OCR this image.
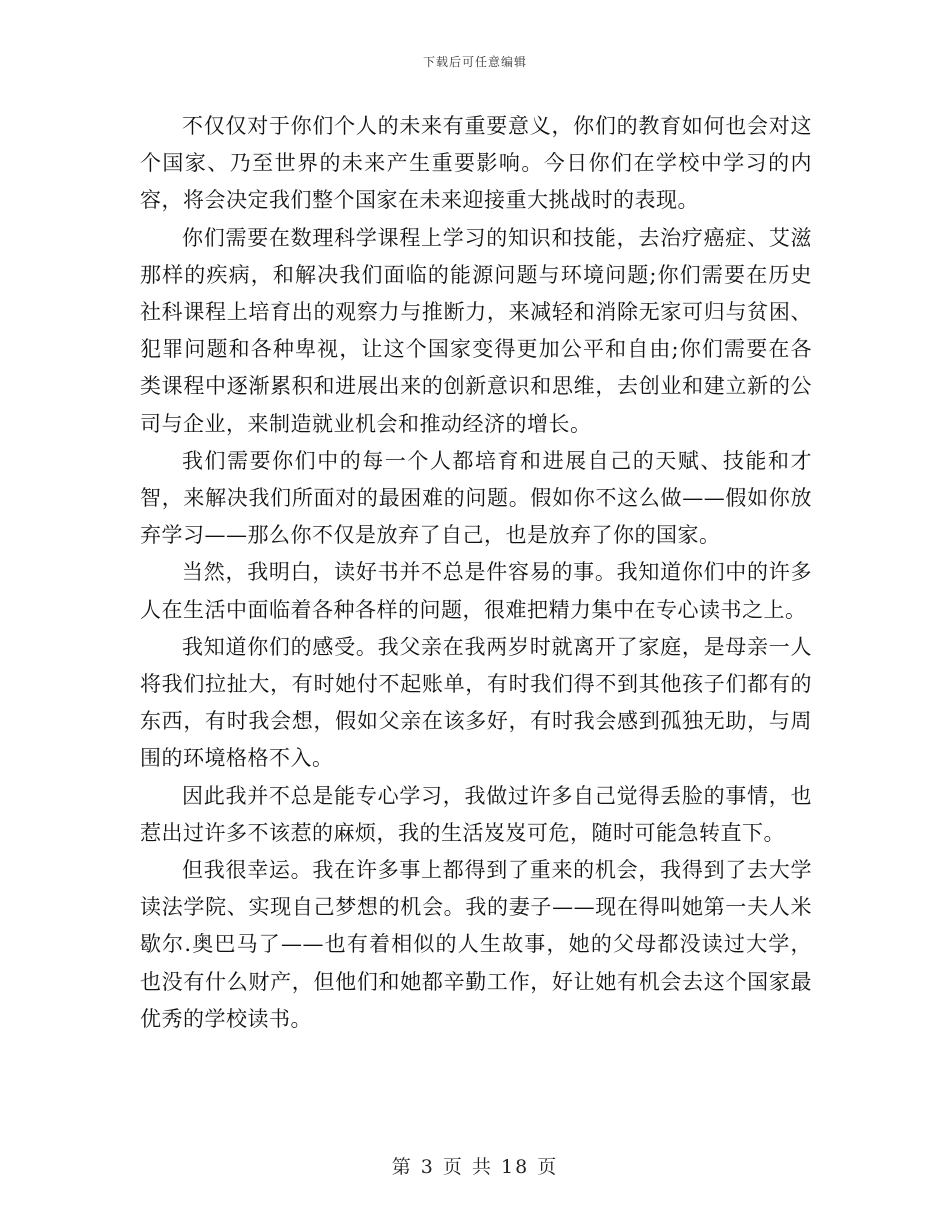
下载后可任意编辑

不仅仅对于你们个人的未来有重要意义，你们的教育如何也会对这个国家、乃至世界的未来产生重要影响。今日你们在学校中学习的内容，将会决定我们整个国家在未来迎接重大挑战时的表现。

你们需要在数理科学课程上学习的知识和技能，去治疗癌症、艾滋那样的疾病，和解决我们面临的能源问题与环境问题;你们需要在历史社科课程上培育出的观察力与推断力，来减轻和消除无家可归与贫困、犯罪问题和各种卑视，让这个国家变得更加公平和自由;你们需要在各类课程中逐渐累积和进展出来的创新意识和思维，去创业和建立新的公司与企业，来制造就业机会和推动经济的增长。

我们需要你们中的每一个人都培育和进展自己的天赋、技能和才智，来解决我们所面对的最困难的问题。假如你不这么做——假如你放弃学习——那么你不仅是放弃了自己，也是放弃了你的国家。

当然，我明白，读好书并不总是件容易的事。我知道你们中的许多人在生活中面临着各种各样的问题，很难把精力集中在专心读书之上。

我知道你们的感受。我父亲在我两岁时就离开了家庭，是母亲一人将我们拉扯大，有时她付不起账单，有时我们得不到其他孩子们都有的东西，有时我会想，假如父亲在该多好，有时我会感到孤独无助，与周围的环境格格不入。

因此我并不总是能专心学习，我做过许多自己觉得丢脸的事情，也惹出过许多不该惹的麻烦，我的生活岌岌可危，随时可能急转直下。

但我很幸运。我在许多事上都得到了重来的机会，我得到了去大学读法学院、实现自己梦想的机会。我的妻子——现在得叫她第一夫人米歇尔.奥巴马了——也有着相似的人生故事，她的父母都没读过大学，也没有什么财产，但他们和她都辛勤工作，好让她有机会去这个国家最优秀的学校读书。

第 3 页 共 18 页
